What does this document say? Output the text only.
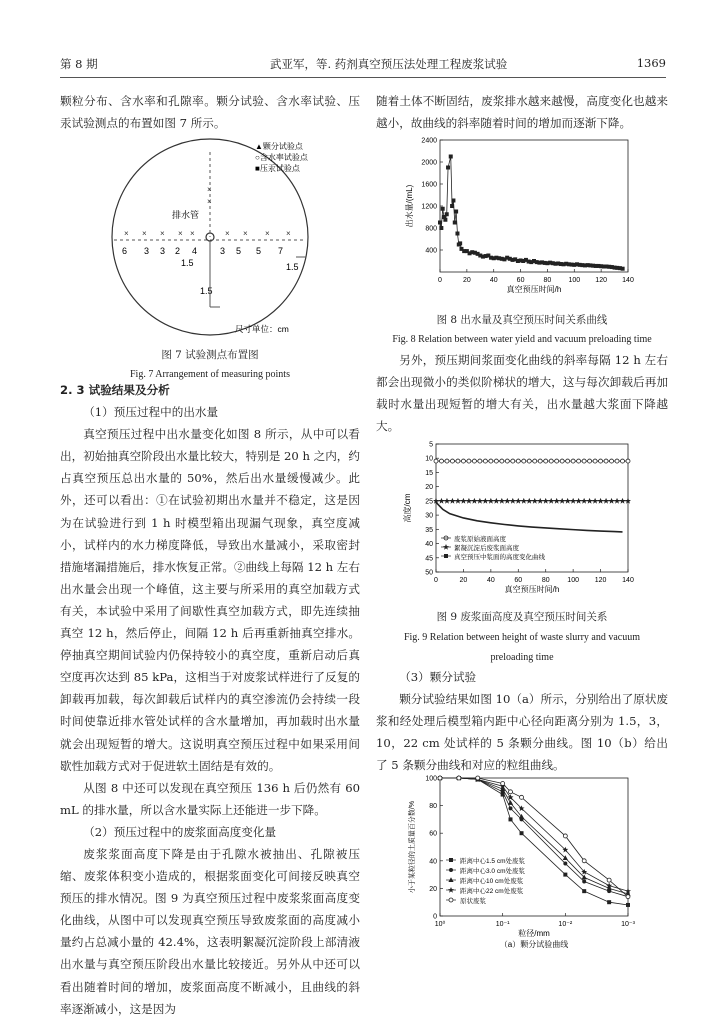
第 8 期	武亚军，等. 药剂真空预压法处理工程废浆试验	1369

颗粒分布、含水率和孔隙率。颗分试验、含水率试验、压汞试验测点的布置如图 7 所示。

▲颗分试验点
○含水率试验点
■压汞试验点
排水管
6 3 3 2 4	3 5 5 7
1.5	1.5
1.5
× × × × ×	× × × ×
×
×
尺寸单位：cm
图 7 试验测点布置图
Fig. 7 Arrangement of measuring points

2. 3 试验结果及分析

（1）预压过程中的出水量

真空预压过程中出水量变化如图 8 所示，从中可以看出，初始抽真空阶段出水量比较大，特别是 20 h 之内，约占真空预压总出水量的 50%，然后出水量缓慢减少。此外，还可以看出：①在试验初期出水量并不稳定，这是因为在试验进行到 1 h 时模型箱出现漏气现象，真空度减小，试样内的水力梯度降低，导致出水量减小，采取密封措施堵漏措施后，排水恢复正常。②曲线上每隔 12 h 左右出水量会出现一个峰值，这主要与所采用的真空加载方式有关，本试验中采用了间歇性真空加载方式，即先连续抽真空 12 h，然后停止，间隔 12 h 后再重新抽真空排水。停抽真空期间试验内仍保持较小的真空度，重新启动后真空度再次达到 85 kPa，这相当于对废浆试样进行了反复的卸载再加载，每次卸载后试样内的真空渗流仍会持续一段时间使靠近排水管处试样的含水量增加，再加载时出水量就会出现短暂的增大。这说明真空预压过程中如果采用间歇性加载方式对于促进软土固结是有效的。

从图 8 中还可以发现在真空预压 136 h 后仍然有 60 mL 的排水量，所以含水量实际上还能进一步下降。

（2）预压过程中的废浆面高度变化量

废浆浆面高度下降是由于孔隙水被抽出、孔隙被压缩、废浆体积变小造成的，根据浆面变化可间接反映真空预压的排水情况。图 9 为真空预压过程中废浆浆面高度变化曲线，从图中可以发现真空预压导致废浆面的高度减小量约占总减小量的 42.4%，这表明絮凝沉淀阶段上部清液出水量与真空预压阶段出水量比较接近。另外从中还可以看出随着时间的增加，废浆面高度不断减小，且曲线的斜率逐渐减小，这是因为

随着土体不断固结，废浆排水越来越慢，高度变化也越来越小，故曲线的斜率随着时间的增加而逐渐下降。

0	20	40	60	80 100 120 140
400
800
1200
1600
2000
2400
真空预压时间/h
出水量/(mL)
图 8 出水量及真空预压时间关系曲线
Fig. 8 Relation between water yield and vacuum preloading time

另外，预压期间浆面变化曲线的斜率每隔 12 h 左右都会出现微小的类似阶梯状的增大，这与每次卸载后再加载时水量出现短暂的增大有关，出水量越大浆面下降越大。

0	20	40	60	80	100 120 140
5
10
15
20
25
30
35
40
45
50
真空预压时间/h
高度/cm
废浆原始液面高度
絮凝沉淀后废浆面高度
真空预压中浆面的高度变化曲线
图 9 废浆面高度及真空预压时间关系
Fig. 9 Relation between height of waste slurry and vacuum
preloading time

（3）颗分试验

颗分试验结果如图 10（a）所示，分别给出了原状废浆和经处理后模型箱内距中心径向距离分别为 1.5，3，10，22 cm 处试样的 5 条颗分曲线。图 10（b）给出了 5 条颗分曲线和对应的粒组曲线。

10⁰	10⁻¹	10⁻²	10⁻³
0
20
40
60
80
100
粒径/mm
（a）颗分试验曲线
小于某粒径的土质量百分数/%	距离中心1.5 cm处废浆
距离中心3.0 cm处废浆
距离中心10 cm处废浆
距离中心22 cm处废浆
原状废浆
